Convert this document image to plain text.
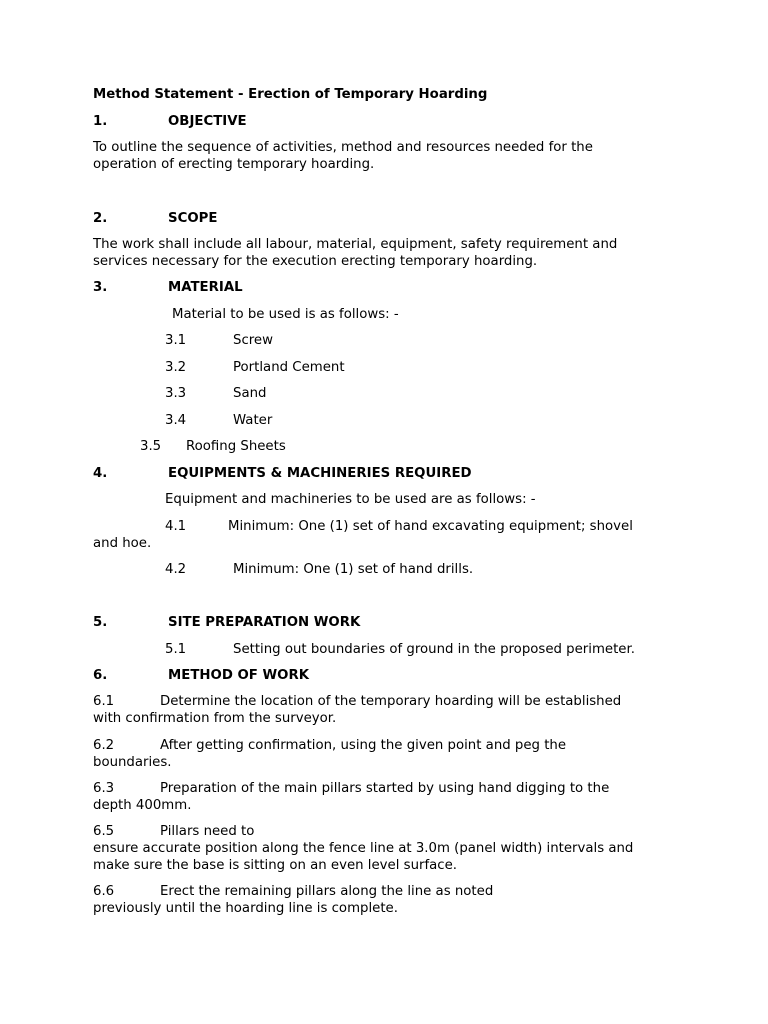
Method Statement - Erection of Temporary Hoarding
1.	OBJECTIVE
To outline the sequence of activities, method and resources needed for the
operation of erecting temporary hoarding.
2.	SCOPE
The work shall include all labour, material, equipment, safety requirement and
services necessary for the execution erecting temporary hoarding.
3.	MATERIAL
Material to be used is as follows: -
3.1	Screw
3.2	Portland Cement
3.3	Sand
3.4	Water
3.5 Roofing Sheets
4.	EQUIPMENTS & MACHINERIES REQUIRED
Equipment and machineries to be used are as follows: -
4.1	Minimum: One (1) set of hand excavating equipment; shovel
and hoe.
4.2	Minimum: One (1) set of hand drills.
5.	SITE PREPARATION WORK
5.1	Setting out boundaries of ground in the proposed perimeter.
6.	METHOD OF WORK
6.1	Determine the location of the temporary hoarding will be established
with confirmation from the surveyor.
6.2	After getting confirmation, using the given point and peg the
boundaries.
6.3	Preparation of the main pillars started by using hand digging to the
depth 400mm.
6.5	Pillars need to
ensure accurate position along the fence line at 3.0m (panel width) intervals and
make sure the base is sitting on an even level surface.
6.6	Erect the remaining pillars along the line as noted
previously until the hoarding line is complete.
